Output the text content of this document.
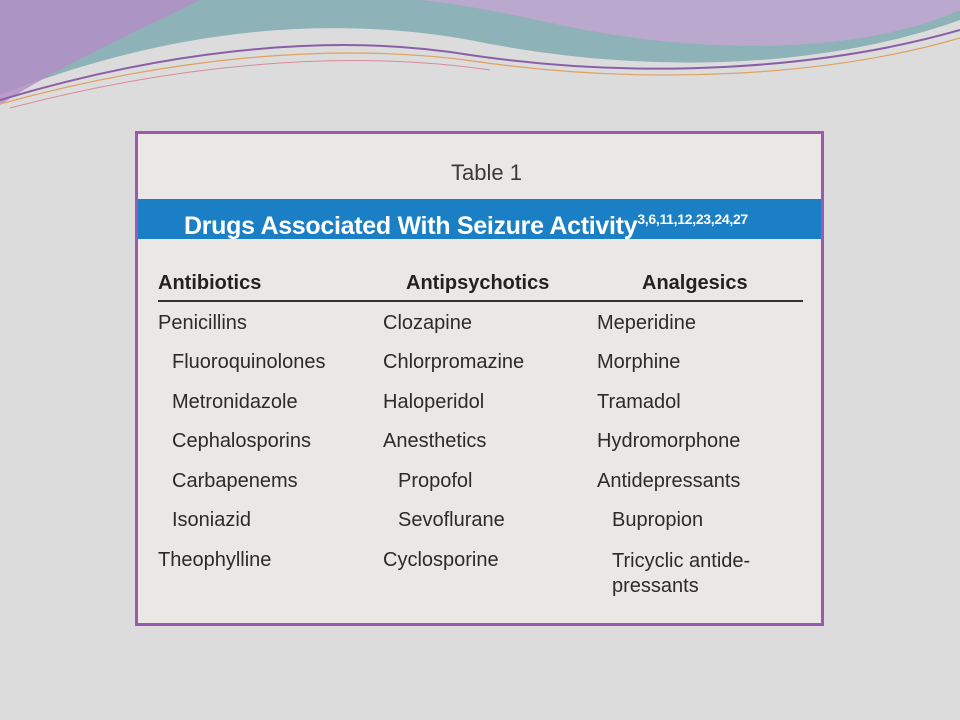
Table 1
Drugs Associated With Seizure Activity$^{3,6,11,12,23,24,27}$
Antibiotics	Antipsychotics	Analgesics
Penicillins
Fluoroquinolones
Metronidazole
Cephalosporins
Carbapenems
Isoniazid
Theophylline
Clozapine
Chlorpromazine
Haloperidol
Anesthetics
Propofol
Sevoflurane
Cyclosporine
Meperidine
Morphine
Tramadol
Hydromorphone
Antidepressants
Bupropion
Tricyclic antide- pressants
